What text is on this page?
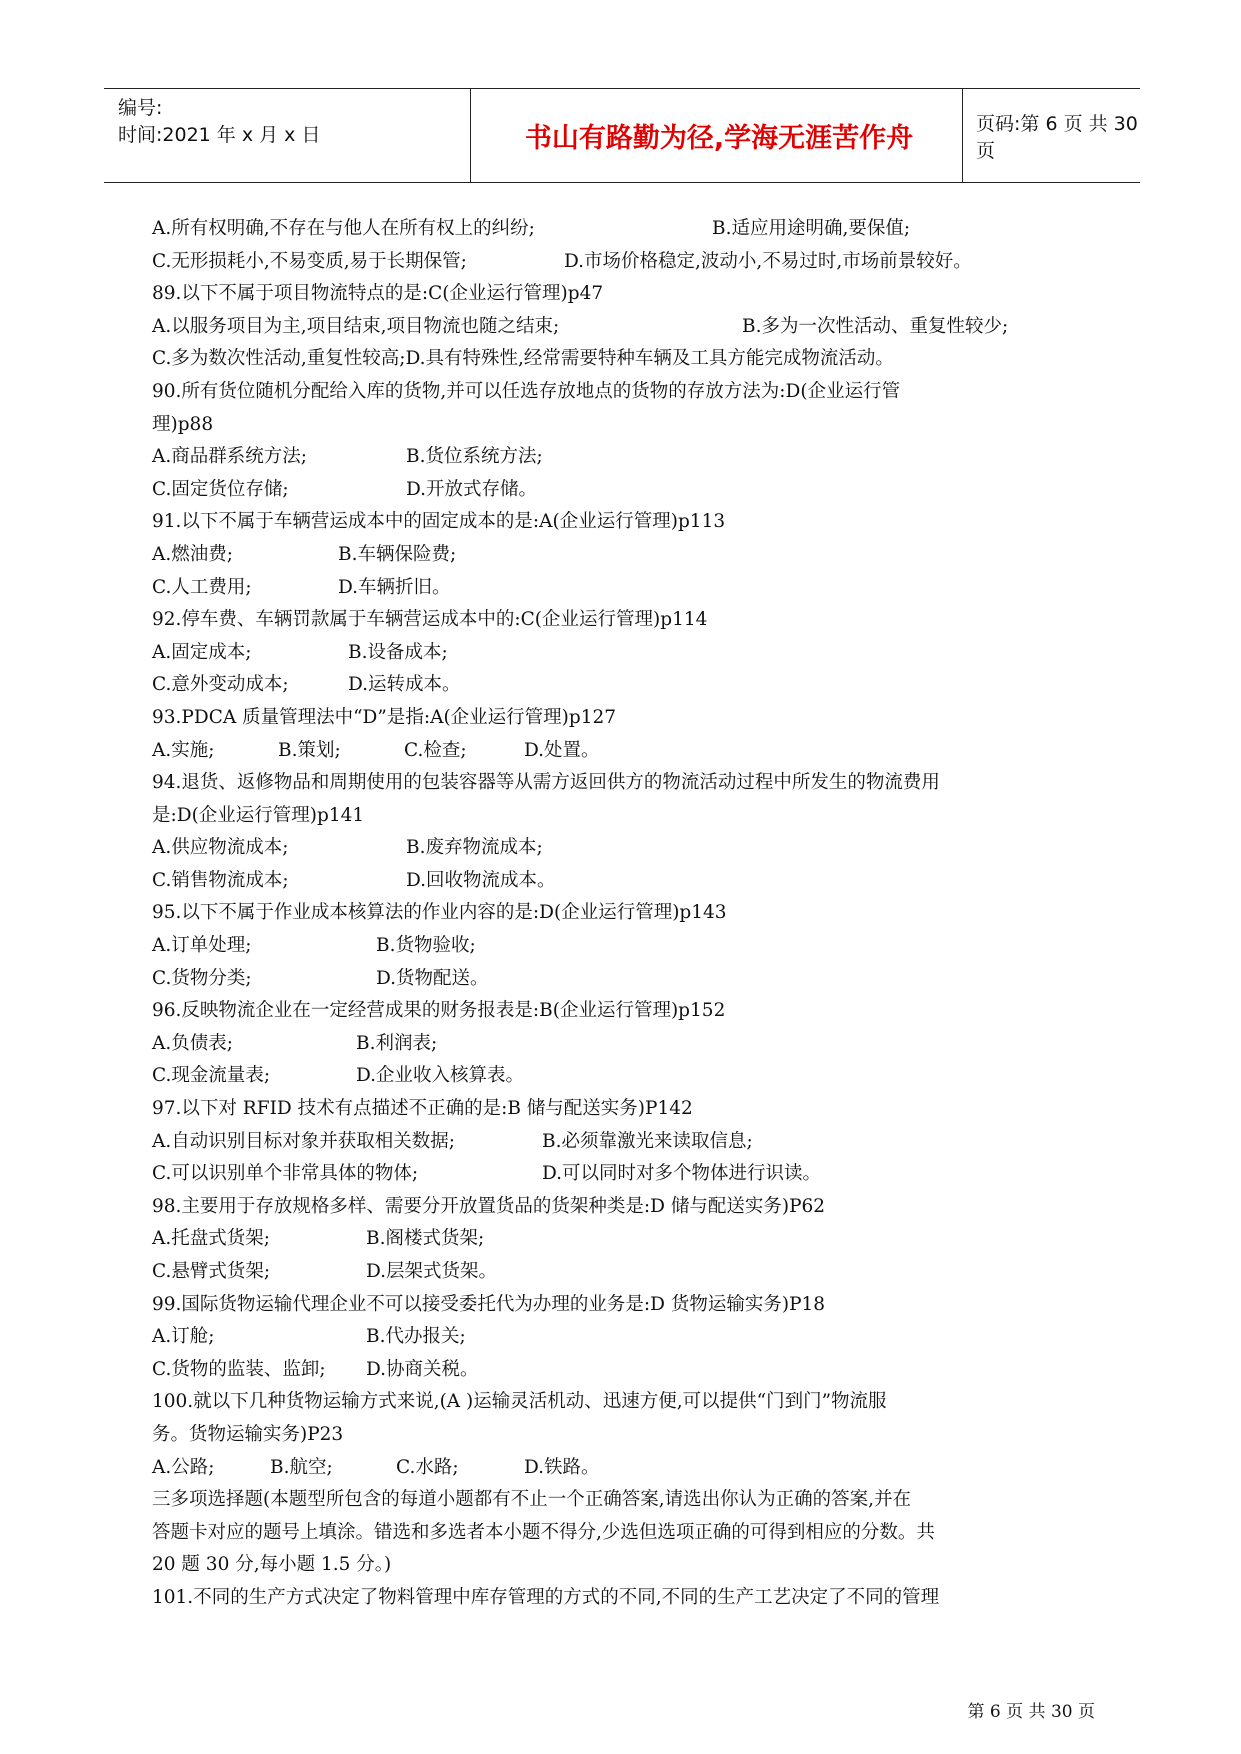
编号:
时间:2021 年 x 月 x 日	书山有路勤为径,学海无涯苦作舟	页码:第 6 页 共 30 页
A.所有权明确,不存在与他人在所有权上的纠纷;	B.适应用途明确,要保值;
C.无形损耗小,不易变质,易于长期保管;	D.市场价格稳定,波动小,不易过时,市场前景较好。
89.以下不属于项目物流特点的是:C(企业运行管理)p47
A.以服务项目为主,项目结束,项目物流也随之结束;	B.多为一次性活动、重复性较少;
C.多为数次性活动,重复性较高;D.具有特殊性,经常需要特种车辆及工具方能完成物流活动。
90.所有货位随机分配给入库的货物,并可以任选存放地点的货物的存放方法为:D(企业运行管
理)p88
A.商品群系统方法;	B.货位系统方法;
C.固定货位存储;	D.开放式存储。
91.以下不属于车辆营运成本中的固定成本的是:A(企业运行管理)p113
A.燃油费;	B.车辆保险费;
C.人工费用;	D.车辆折旧。
92.停车费、车辆罚款属于车辆营运成本中的:C(企业运行管理)p114
A.固定成本;	B.设备成本;
C.意外变动成本;	D.运转成本。
93.PDCA 质量管理法中“D”是指:A(企业运行管理)p127
A.实施;	B.策划;	C.检查;	D.处置。
94.退货、返修物品和周期使用的包装容器等从需方返回供方的物流活动过程中所发生的物流费用
是:D(企业运行管理)p141
A.供应物流成本;	B.废弃物流成本;
C.销售物流成本;	D.回收物流成本。
95.以下不属于作业成本核算法的作业内容的是:D(企业运行管理)p143
A.订单处理;	B.货物验收;
C.货物分类;	D.货物配送。
96.反映物流企业在一定经营成果的财务报表是:B(企业运行管理)p152
A.负债表;	B.利润表;
C.现金流量表;	D.企业收入核算表。
97.以下对 RFID 技术有点描述不正确的是:B 储与配送实务)P142
A.自动识别目标对象并获取相关数据;	B.必须靠激光来读取信息;
C.可以识别单个非常具体的物体;	D.可以同时对多个物体进行识读。
98.主要用于存放规格多样、需要分开放置货品的货架种类是:D 储与配送实务)P62
A.托盘式货架;	B.阁楼式货架;
C.悬臂式货架;	D.层架式货架。
99.国际货物运输代理企业不可以接受委托代为办理的业务是:D 货物运输实务)P18
A.订舱;	B.代办报关;
C.货物的监装、监卸; D.协商关税。
100.就以下几种货物运输方式来说,(A )运输灵活机动、迅速方便,可以提供“门到门”物流服
务。货物运输实务)P23
A.公路;	B.航空;	C.水路;	D.铁路。
三多项选择题(本题型所包含的每道小题都有不止一个正确答案,请选出你认为正确的答案,并在
答题卡对应的题号上填涂。错选和多选者本小题不得分,少选但选项正确的可得到相应的分数。共
20 题 30 分,每小题 1.5 分。)
101.不同的生产方式决定了物料管理中库存管理的方式的不同,不同的生产工艺决定了不同的管理
第 6 页 共 30 页
